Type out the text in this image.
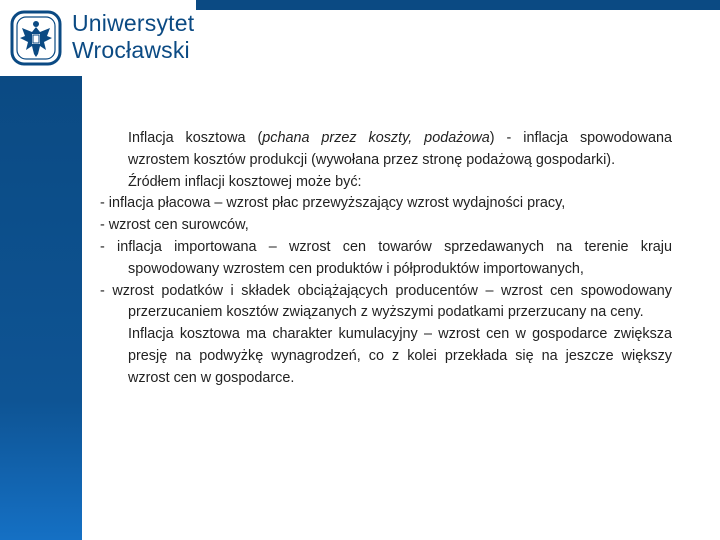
Uniwersytet
Wrocławski

Inflacja kosztowa (pchana przez koszty, podażowa) - inflacja spowodowana wzrostem kosztów produkcji (wywołana przez stronę podażową gospodarki).

Źródłem inflacji kosztowej może być:

- inflacja płacowa – wzrost płac przewyższający wzrost wydajności pracy,

- wzrost cen surowców,

- inflacja importowana – wzrost cen towarów sprzedawanych na terenie kraju spowodowany wzrostem cen produktów i półproduktów importowanych,

- wzrost podatków i składek obciążających producentów – wzrost cen spowodowany przerzucaniem kosztów związanych z wyższymi podatkami przerzucany na ceny.

Inflacja kosztowa ma charakter kumulacyjny – wzrost cen w gospodarce zwiększa presję na podwyżkę wynagrodzeń, co z kolei przekłada się na jeszcze większy wzrost cen w gospodarce.
